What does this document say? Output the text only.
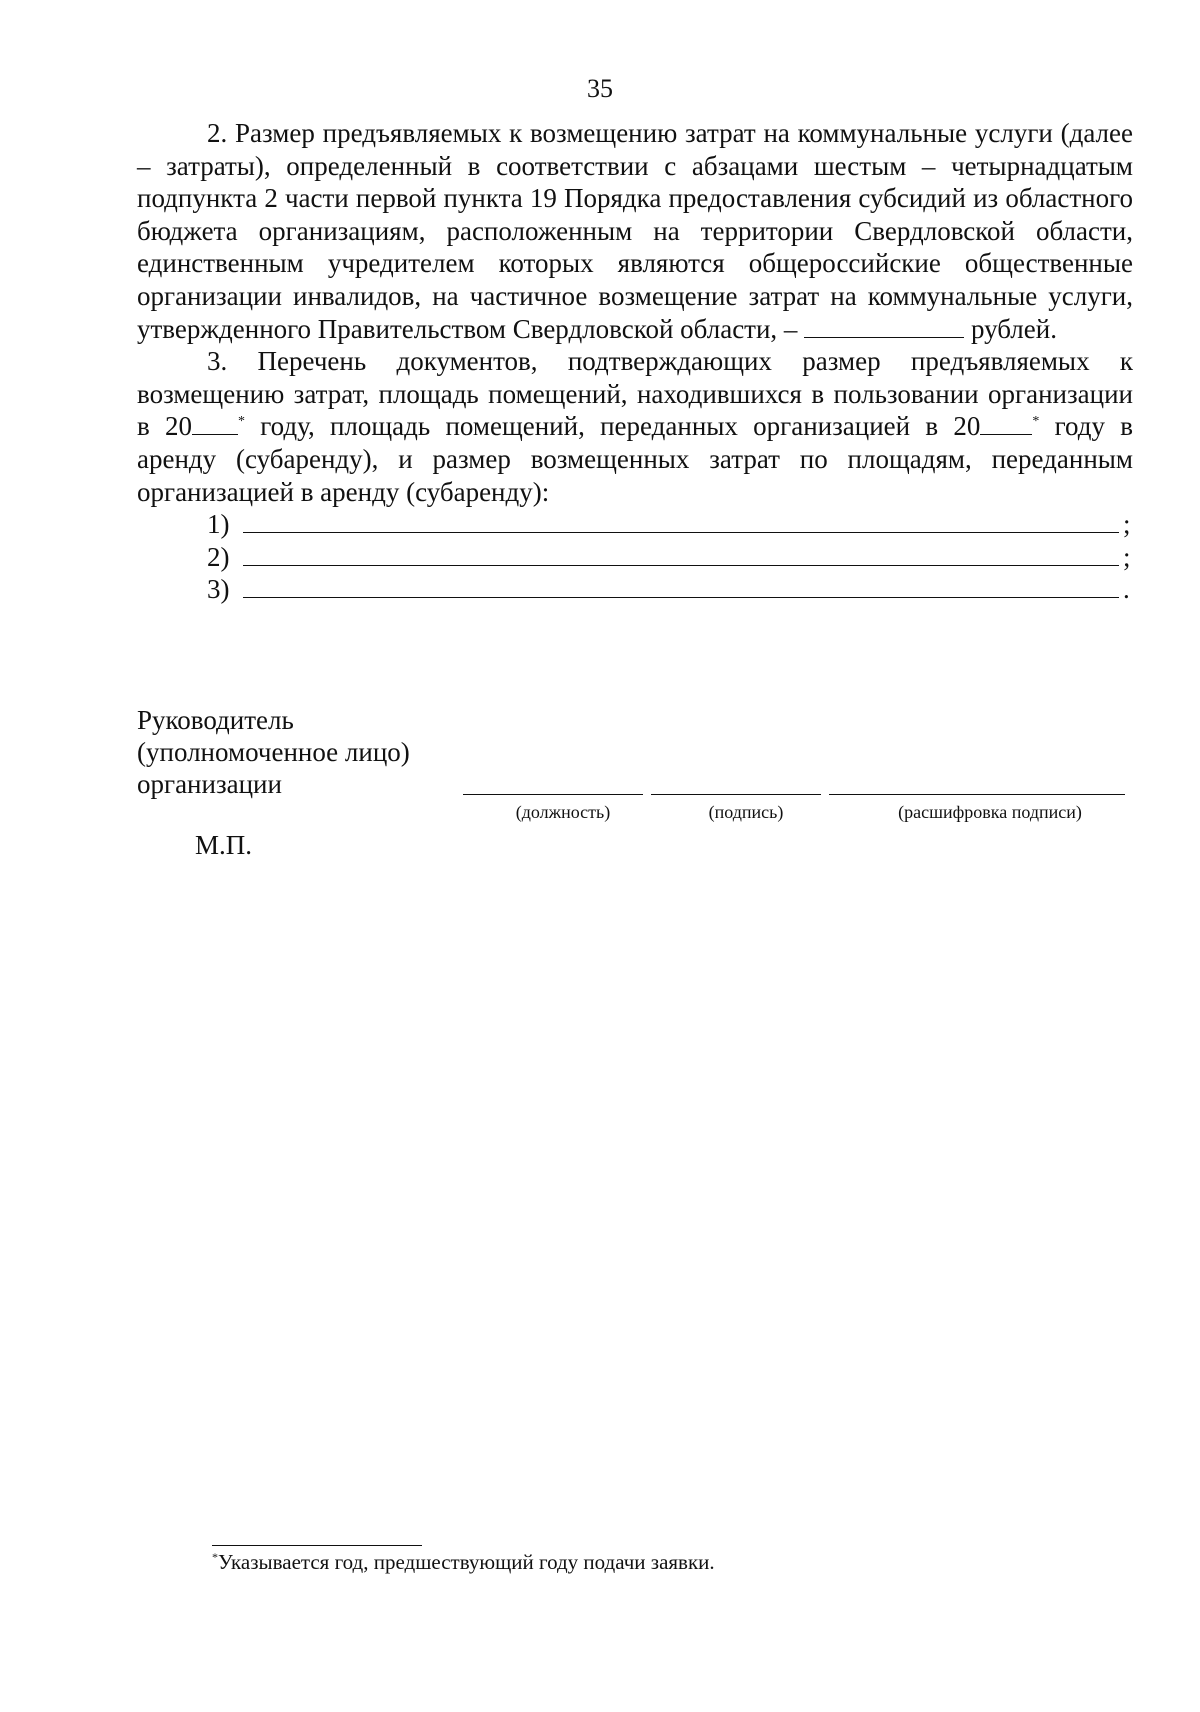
35

2. Размер предъявляемых к возмещению затрат на коммунальные услуги (далее – затраты), определенный в соответствии с абзацами шестым – четырнадцатым подпункта 2 части первой пункта 19 Порядка предоставления субсидий из областного бюджета организациям, расположенным на территории Свердловской области, единственным учредителем которых являются общероссийские общественные организации инвалидов, на частичное возмещение затрат на коммунальные услуги, утвержденного Правительством Свердловской области, –	рублей.

3. Перечень документов, подтверждающих размер предъявляемых к возмещению затрат, площадь помещений, находившихся в пользовании организации в 20	* году, площадь помещений, переданных организацией в 20	* году в аренду (субаренду), и размер возмещенных затрат по площадям, переданным организацией в аренду (субаренду):

1)	;
2)	;
3)	.
Руководитель
(уполномоченное лицо)
организации
(должность)	(подпись)	(расшифровка подписи)
М.П.
*Указывается год, предшествующий году подачи заявки.
